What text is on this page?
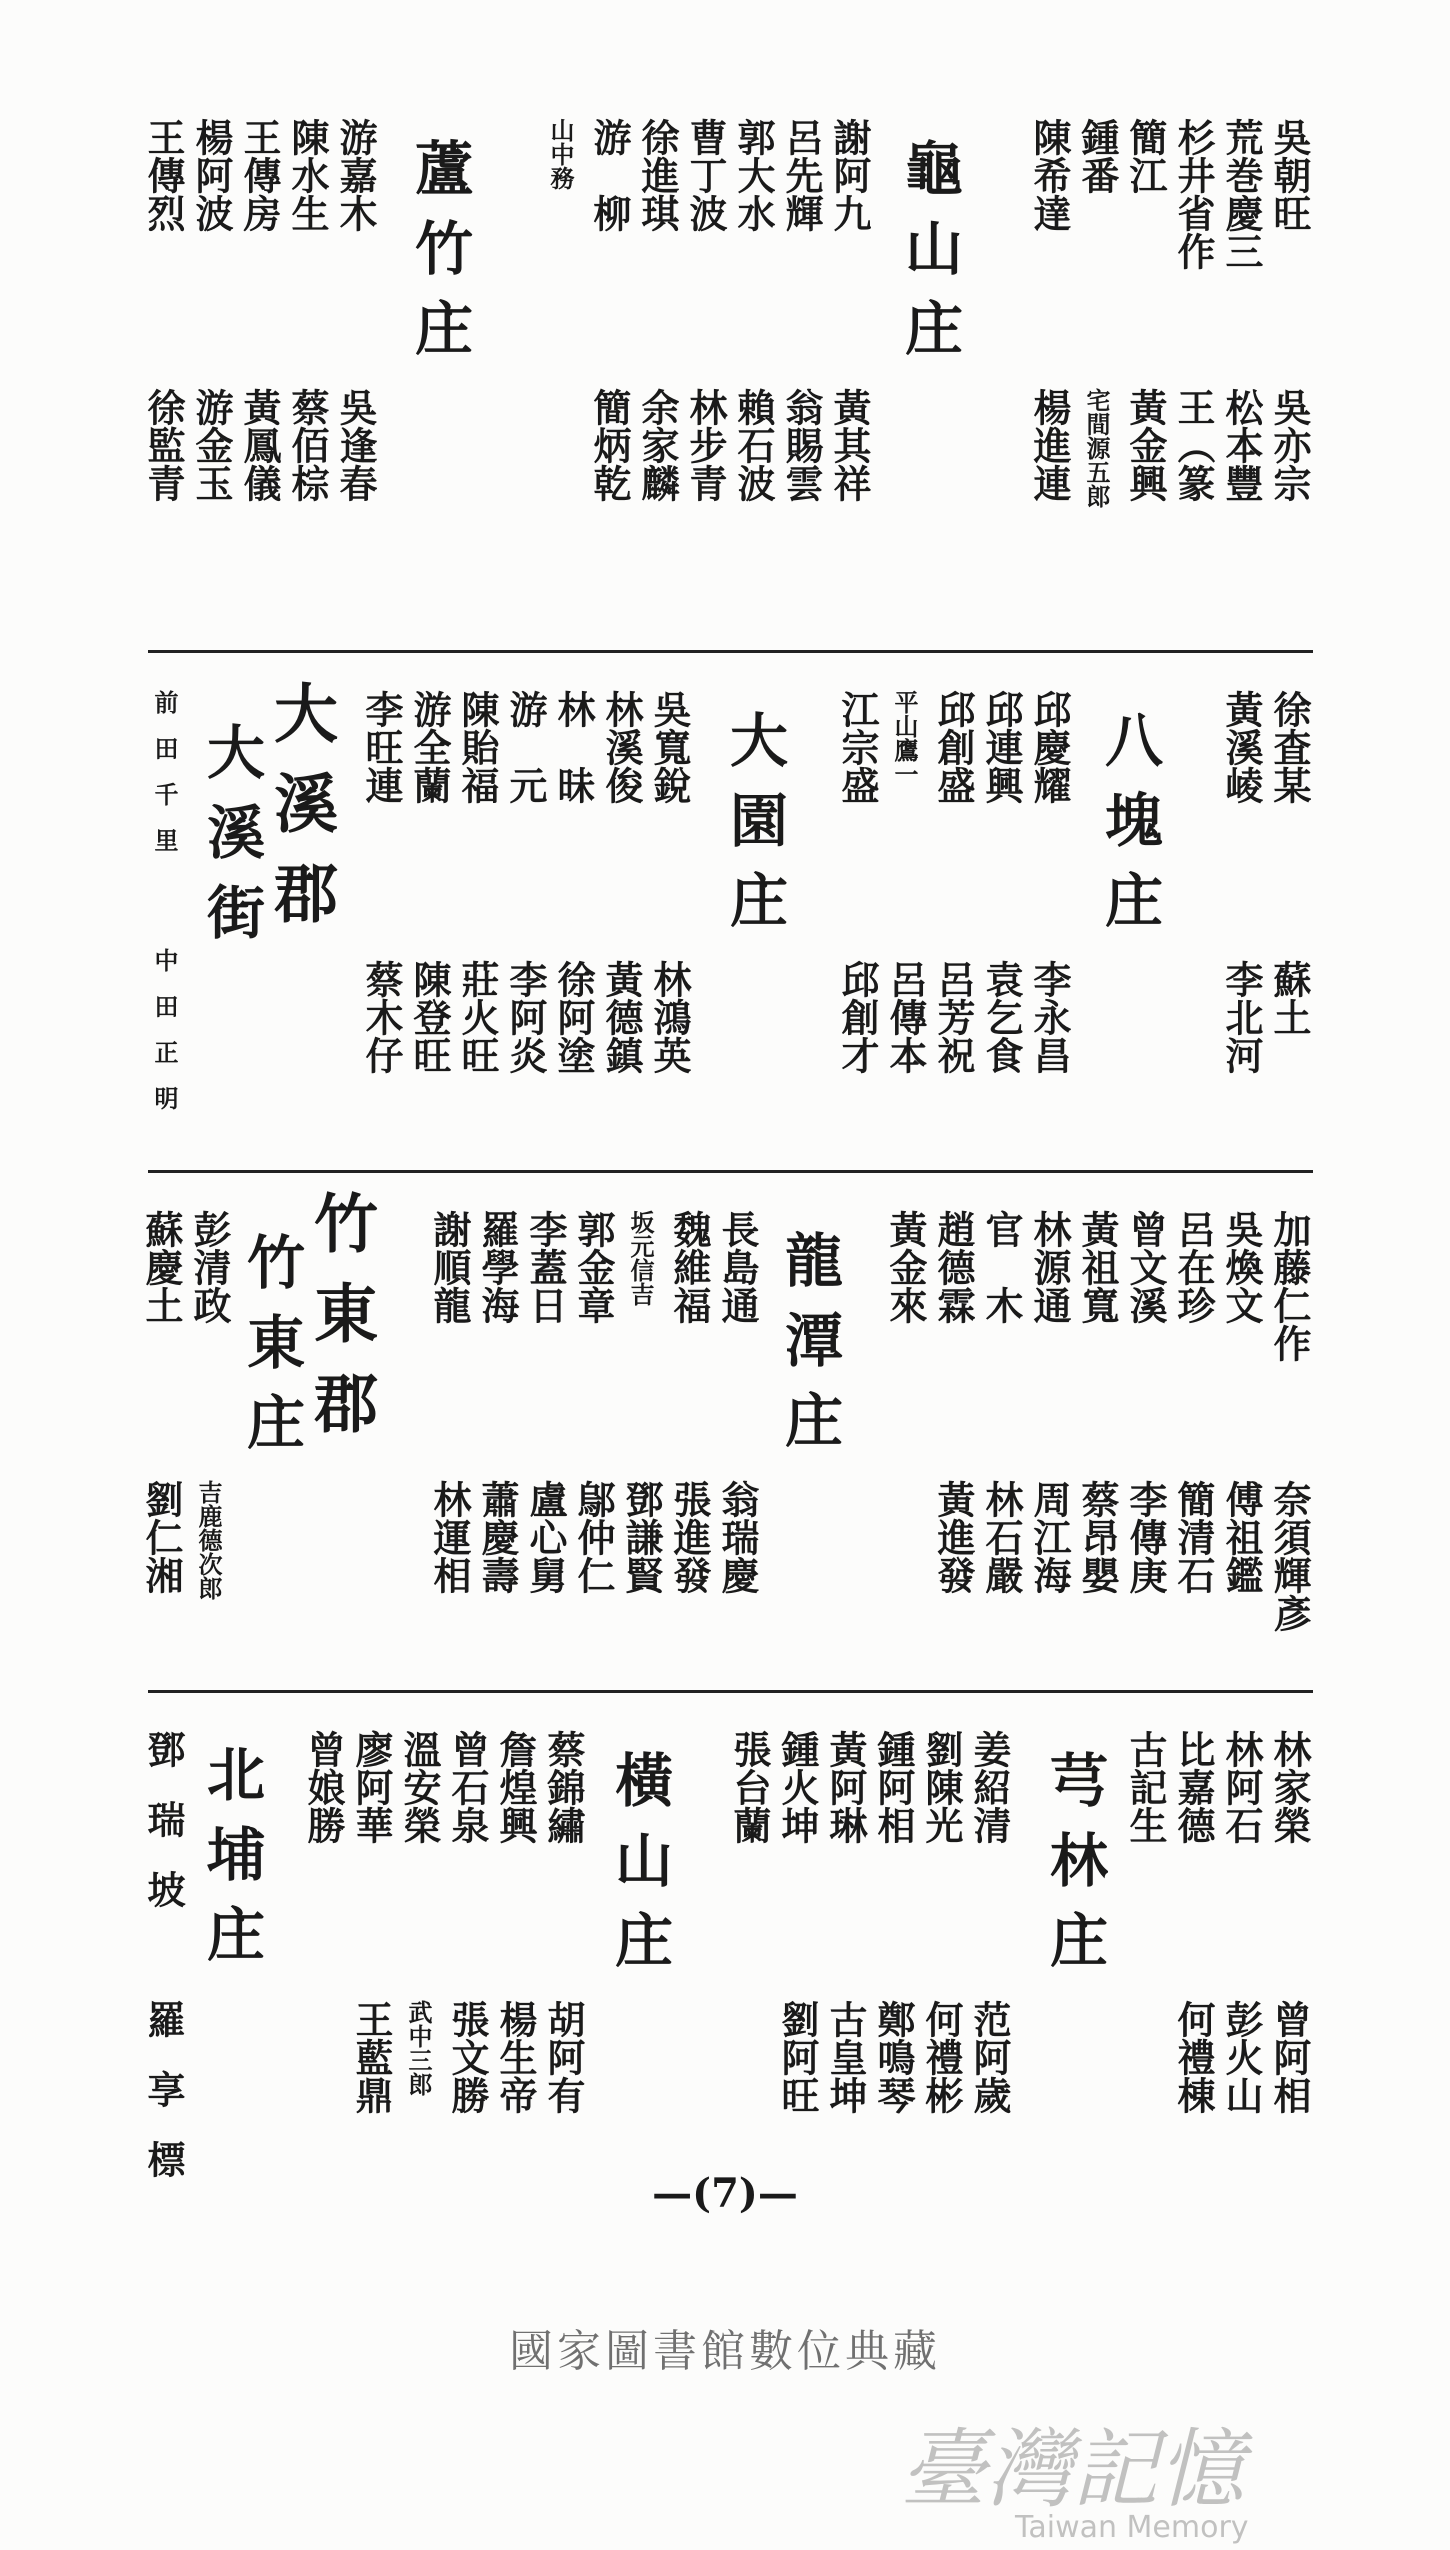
吳朝旺
吳亦宗
荒巻慶三
松本豐
杉井省作
王（篆
簡江
黃金興
鍾番
宅間源五郎
陳希達
楊進連
龜山庄
謝阿九
黃其祥
呂先輝
翁賜雲
郭大水
賴石波
曹丁波
林步青
徐進琪
余家麟
游柳
簡炳乾
山中務
蘆竹庄
游嘉木
吳逢春
陳水生
蔡佰棕
王傳房
黃鳳儀
楊阿波
游金玉
王傳烈
徐監青
徐査某
蘇土
黃溪崚
李北河
八塊庄
邱慶耀
李永昌
邱連興
袁乞食
邱創盛
呂芳祝
平山鷹一
呂傳本
江宗盛
邱創才
大園庄
吳寬銳
林鴻英
林溪俊
黃德鎮
林昧
徐阿塗
游元
李阿炎
陳貽福
莊火旺
游全蘭
陳登旺
李旺連
蔡木仔
大溪郡
大溪街
前田千里
中田正明
加藤仁作
奈須輝彥
吳煥文
傅祖鑑
呂在珍
簡清石
曾文溪
李傳庚
黃祖寬
蔡昂嬰
林源通
周江海
官木
林石嚴
趙德霖
黃進發
黃金來
龍潭庄
長島通
翁瑞慶
魏維福
張進發
坂元信吉
鄧謙賢
郭金章
鄔仲仁
李蓋日
盧心舅
羅學海
蕭慶壽
謝順龍
林運相
竹東郡
竹東庄
彭清政
吉鹿德次郎
蘇慶土
劉仁湘
臺灣記憶
Taiwan Memory
林家榮
曾阿相
林阿石
彭火山
比嘉德
何禮棟
古記生
芎林庄
姜紹清
范阿歲
劉陳光
何禮彬
鍾阿相
鄭鳴琴
黃阿琳
古皇坤
鍾火坤
劉阿旺
張台蘭
橫山庄
蔡錦繡
胡阿有
詹煌興
楊生帝
曾石泉
張文勝
溫安榮
武中三郎
廖阿華
王藍鼎
曾娘勝
北埔庄
鄧瑞坡
羅享標	—(7)—
國家圖書館數位典藏
